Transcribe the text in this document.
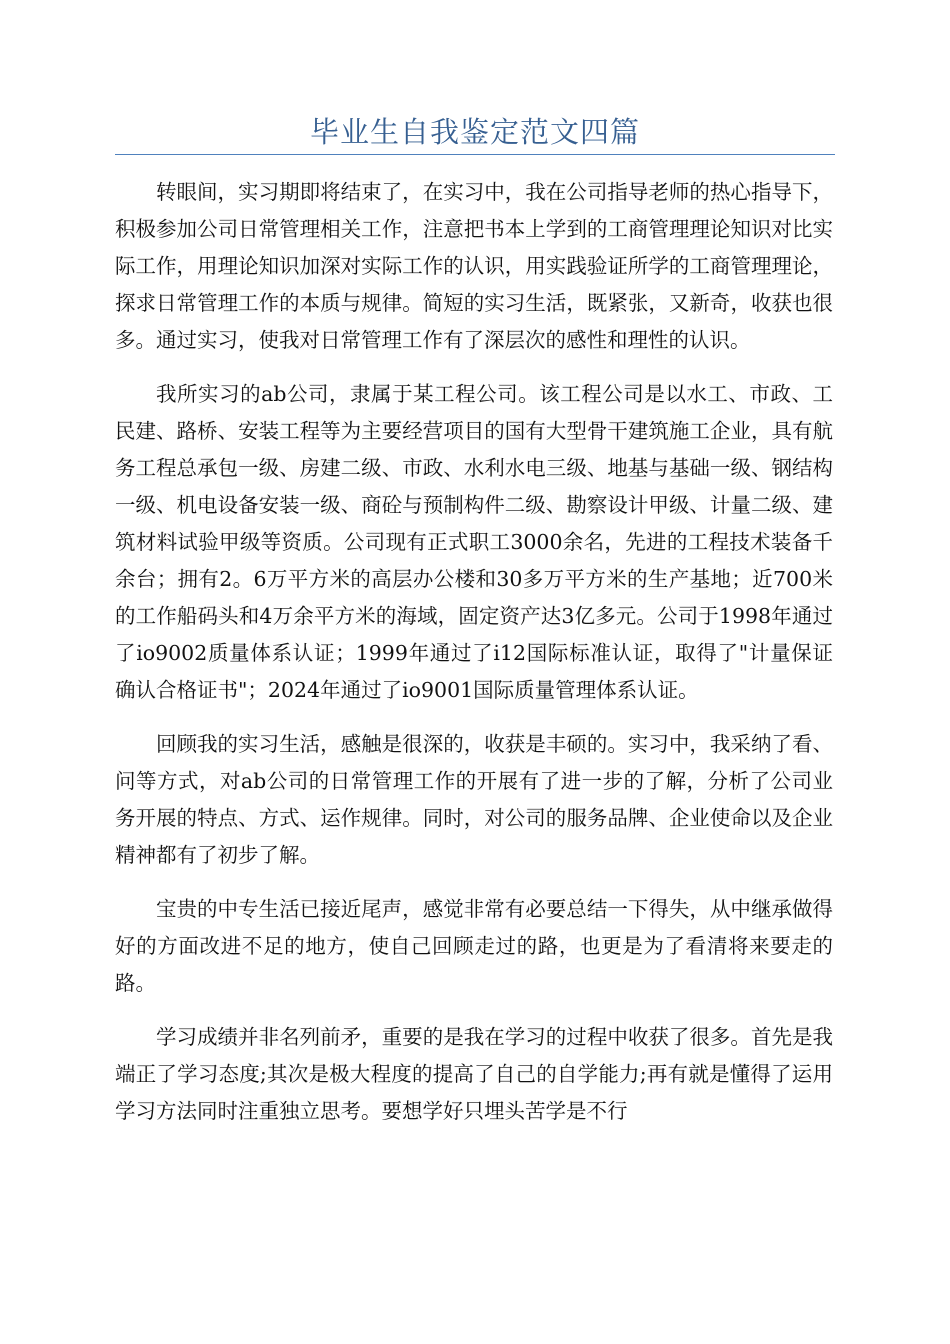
毕业生自我鉴定范文四篇

转眼间，实习期即将结束了，在实习中，我在公司指导老师的热心指导下，积极参加公司日常管理相关工作，注意把书本上学到的工商管理理论知识对比实际工作，用理论知识加深对实际工作的认识，用实践验证所学的工商管理理论，探求日常管理工作的本质与规律。简短的实习生活，既紧张，又新奇，收获也很多。通过实习，使我对日常管理工作有了深层次的感性和理性的认识。

我所实习的ab公司，隶属于某工程公司。该工程公司是以水工、市政、工民建、路桥、安装工程等为主要经营项目的国有大型骨干建筑施工企业，具有航务工程总承包一级、房建二级、市政、水利水电三级、地基与基础一级、钢结构一级、机电设备安装一级、商砼与预制构件二级、勘察设计甲级、计量二级、建筑材料试验甲级等资质。公司现有正式职工3000余名，先进的工程技术装备千余台；拥有2。6万平方米的高层办公楼和30多万平方米的生产基地；近700米的工作船码头和4万余平方米的海域，固定资产达3亿多元。公司于1998年通过了io9002质量体系认证；1999年通过了i12国际标准认证，取得了"计量保证确认合格证书"；2024年通过了io9001国际质量管理体系认证。

回顾我的实习生活，感触是很深的，收获是丰硕的。实习中，我采纳了看、问等方式，对ab公司的日常管理工作的开展有了进一步的了解，分析了公司业务开展的特点、方式、运作规律。同时，对公司的服务品牌、企业使命以及企业精神都有了初步了解。

宝贵的中专生活已接近尾声，感觉非常有必要总结一下得失，从中继承做得好的方面改进不足的地方，使自己回顾走过的路，也更是为了看清将来要走的路。

学习成绩并非名列前矛，重要的是我在学习的过程中收获了很多。首先是我端正了学习态度;其次是极大程度的提高了自己的自学能力;再有就是懂得了运用学习方法同时注重独立思考。要想学好只埋头苦学是不行
